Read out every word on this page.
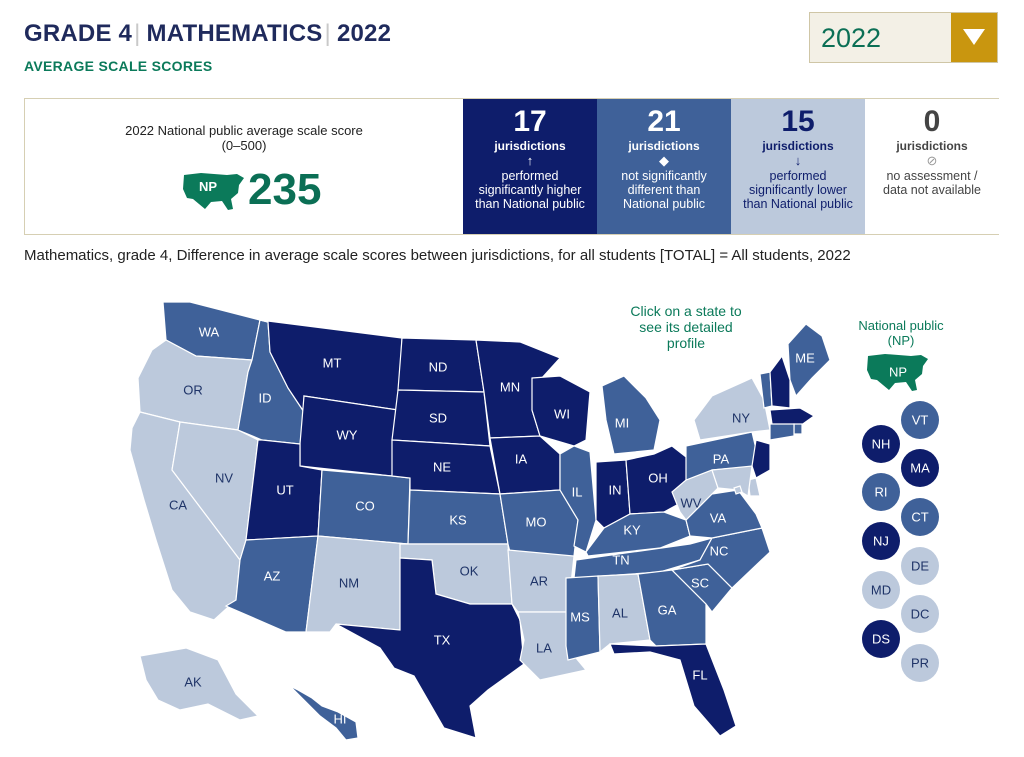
GRADE 4| MATHEMATICS| 2022
AVERAGE SCALE SCORES
2022
2022 National public average scale score (0–500)
NP 235
17
jurisdictions
↑
performed significantly higher than National public
21
jurisdictions
◆
not significantly different than National public
15
jurisdictions
↓
performed significantly lower than National public
0
jurisdictions
⊘
no assessment / data not available
Mathematics, grade 4, Difference in average scale scores between jurisdictions, for all students [TOTAL] = All students, 2022
WA
OR
CA
NV
ID
MT
WY
UT
AZ
CO
NM
ND
SD
NE
KS
OK
TX
MN
IA
MO
AR
LA
WI
IL
MI
IN
OH
KY
TN
MS AL GA
FL
SC
NC
VA
WV
PA
NY
ME
AK
HI
Click on a state to see its detailed profile
National public (NP)
NP
VT
NH
MA
RI
CT
NJ
DE
MD
DC
DS
PR
